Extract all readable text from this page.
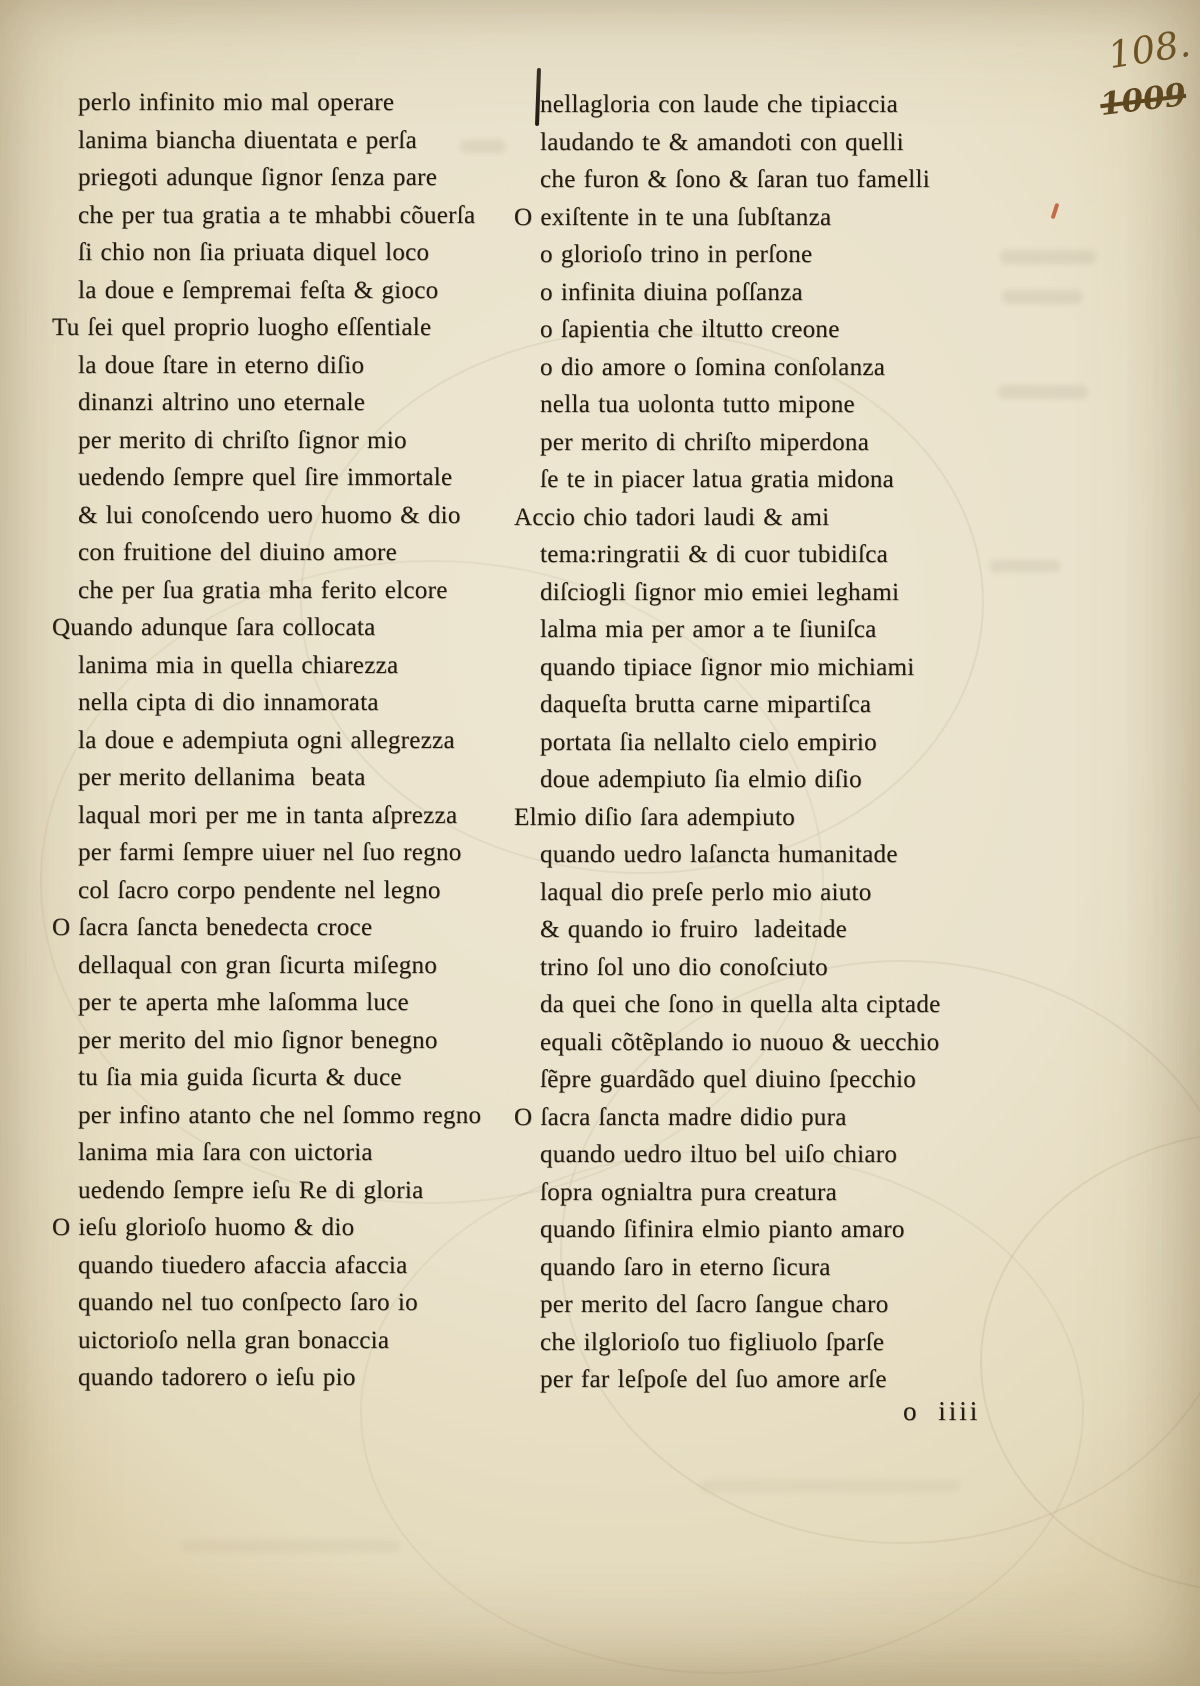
108.
1009
perlo infinito mio mal operare
lanima biancha diuentata e perſa
priegoti adunque ſignor ſenza pare
che per tua gratia a te mhabbi cõuerſa
ſi chio non ſia priuata diquel loco
la doue e ſempremai feſta & gioco
Tu ſei quel proprio luogho eſſentiale
la doue ſtare in eterno diſio
dinanzi altrino uno eternale
per merito di chriſto ſignor mio
uedendo ſempre quel ſire immortale
& lui conoſcendo uero huomo & dio
con fruitione del diuino amore
che per ſua gratia mha ferito elcore
Quando adunque ſara collocata
lanima mia in quella chiarezza
nella cipta di dio innamorata
la doue e adempiuta ogni allegrezza
per merito dellanima  beata
laqual mori per me in tanta aſprezza
per farmi ſempre uiuer nel ſuo regno
col ſacro corpo pendente nel legno
O ſacra ſancta benedecta croce
dellaqual con gran ſicurta miſegno
per te aperta mhe laſomma luce
per merito del mio ſignor benegno
tu ſia mia guida ſicurta & duce
per infino atanto che nel ſommo regno
lanima mia ſara con uictoria
uedendo ſempre ieſu Re di gloria
O ieſu glorioſo huomo & dio
quando tiuedero afaccia afaccia
quando nel tuo conſpecto ſaro io
uictorioſo nella gran bonaccia
quando tadorero o ieſu pio
nellagloria con laude che tipiaccia
laudando te & amandoti con quelli
che furon & ſono & ſaran tuo famelli
O exiſtente in te una ſubſtanza
o glorioſo trino in perſone
o infinita diuina poſſanza
o ſapientia che iltutto creone
o dio amore o ſomina conſolanza
nella tua uolonta tutto mipone
per merito di chriſto miperdona
ſe te in piacer latua gratia midona
Accio chio tadori laudi & ami
tema:ringratii & di cuor tubidiſca
diſciogli ſignor mio emiei leghami
lalma mia per amor a te ſiuniſca
quando tipiace ſignor mio michiami
daqueſta brutta carne mipartiſca
portata ſia nellalto cielo empirio
doue adempiuto ſia elmio diſio
Elmio diſio ſara adempiuto
quando uedro laſancta humanitade
laqual dio preſe perlo mio aiuto
& quando io fruiro  ladeitade
trino ſol uno dio conoſciuto
da quei che ſono in quella alta ciptade
equali cõtẽplando io nuouo & uecchio
ſẽpre guardãdo quel diuino ſpecchio
O ſacra ſancta madre didio pura
quando uedro iltuo bel uiſo chiaro
ſopra ognialtra pura creatura
quando ſifinira elmio pianto amaro
quando ſaro in eterno ſicura
per merito del ſacro ſangue charo
che ilglorioſo tuo figliuolo ſparſe
per far leſpoſe del ſuo amore arſe
o iiii
